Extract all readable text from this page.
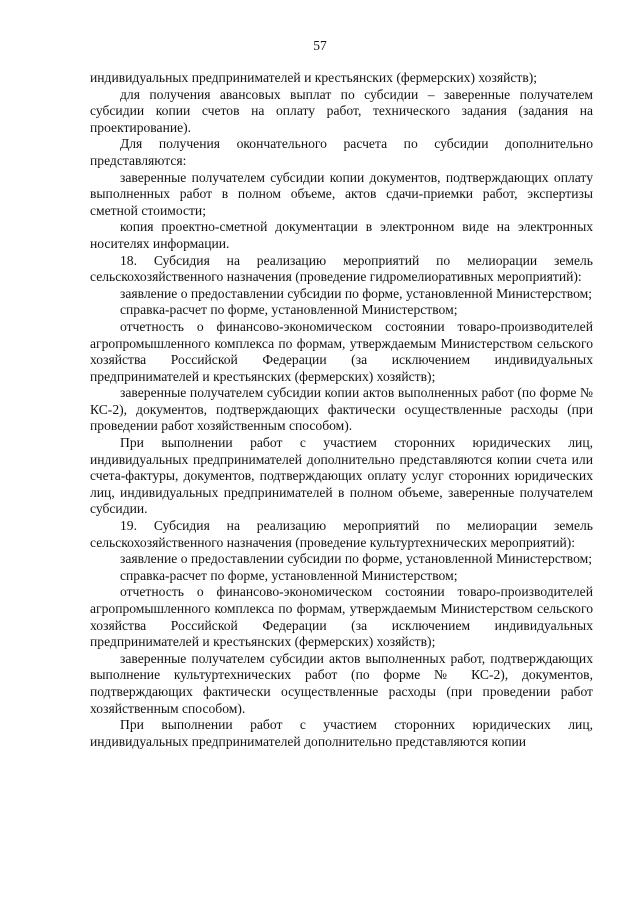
57

индивидуальных предпринимателей и крестьянских (фермерских) хозяйств);

для получения авансовых выплат по субсидии – заверенные получателем субсидии копии счетов на оплату работ, технического задания (задания на проектирование).

Для получения окончательного расчета по субсидии дополнительно представляются:

заверенные получателем субсидии копии документов, подтверждающих оплату выполненных работ в полном объеме, актов сдачи-приемки работ, экспертизы сметной стоимости;

копия проектно-сметной документации в электронном виде на электронных носителях информации.

18. Субсидия на реализацию мероприятий по мелиорации земель сельскохозяйственного назначения (проведение гидромелиоративных мероприятий):

заявление о предоставлении субсидии по форме, установленной Министерством;

справка-расчет по форме, установленной Министерством;

отчетность о финансово-экономическом состоянии товаро-производителей агропромышленного комплекса по формам, утверждаемым Министерством сельского хозяйства Российской Федерации (за исключением индивидуальных предпринимателей и крестьянских (фермерских) хозяйств);

заверенные получателем субсидии копии актов выполненных работ (по форме № КС-2), документов, подтверждающих фактически осуществленные расходы (при проведении работ хозяйственным способом).

При выполнении работ с участием сторонних юридических лиц, индивидуальных предпринимателей дополнительно представляются копии счета или счета-фактуры, документов, подтверждающих оплату услуг сторонних юридических лиц, индивидуальных предпринимателей в полном объеме, заверенные получателем субсидии.

19. Субсидия на реализацию мероприятий по мелиорации земель сельскохозяйственного назначения (проведение культуртехнических мероприятий):

заявление о предоставлении субсидии по форме, установленной Министерством;

справка-расчет по форме, установленной Министерством;

отчетность о финансово-экономическом состоянии товаро-производителей агропромышленного комплекса по формам, утверждаемым Министерством сельского хозяйства Российской Федерации (за исключением индивидуальных предпринимателей и крестьянских (фермерских) хозяйств);

заверенные получателем субсидии актов выполненных работ, подтверждающих выполнение культуртехнических работ (по форме № КС-2), документов, подтверждающих фактически осуществленные расходы (при проведении работ хозяйственным способом).

При выполнении работ с участием сторонних юридических лиц, индивидуальных предпринимателей дополнительно представляются копии
